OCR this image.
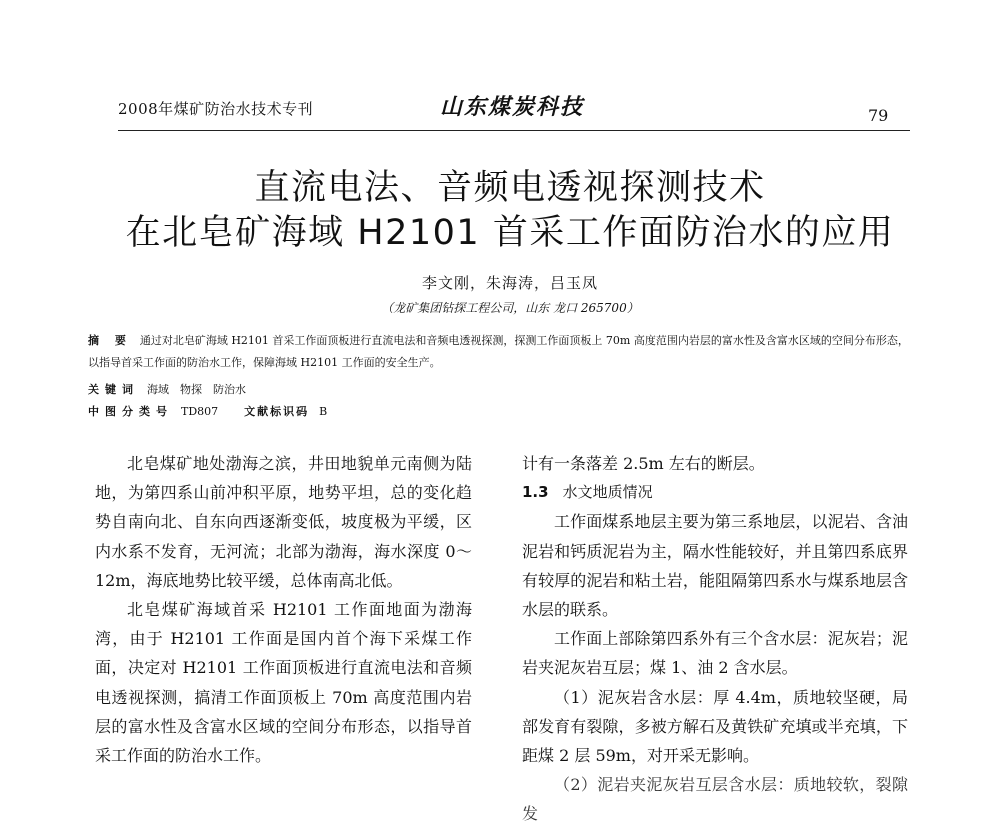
2008年煤矿防治水技术专刊	山东煤炭科技	79
直流电法、音频电透视探测技术
在北皂矿海域 H2101 首采工作面防治水的应用
李文刚，朱海涛，吕玉凤
（龙矿集团钻探工程公司，山东 龙口 265700）
摘 要 通过对北皂矿海域 H2101 首采工作面顶板进行直流电法和音频电透视探测，探测工作面顶板上 70m 高度范围内岩层的富水性及含富水区域的空间分布形态，以指导首采工作面的防治水工作，保障海域 H2101 工作面的安全生产。
关键词 海域　物探　防治水
中图分类号 TD807 文献标识码 B

北皂煤矿地处渤海之滨，井田地貌单元南侧为陆地，为第四系山前冲积平原，地势平坦，总的变化趋势自南向北、自东向西逐渐变低，坡度极为平缓，区内水系不发育，无河流；北部为渤海，海水深度 0～12m，海底地势比较平缓，总体南高北低。

北皂煤矿海域首采 H2101 工作面地面为渤海湾，由于 H2101 工作面是国内首个海下采煤工作面，决定对 H2101 工作面顶板进行直流电法和音频电透视探测，搞清工作面顶板上 70m 高度范围内岩层的富水性及含富水区域的空间分布形态，以指导首采工作面的防治水工作。

计有一条落差 2.5m 左右的断层。

1.3 水文地质情况

工作面煤系地层主要为第三系地层，以泥岩、含油泥岩和钙质泥岩为主，隔水性能较好，并且第四系底界有较厚的泥岩和粘土岩，能阻隔第四系水与煤系地层含水层的联系。

工作面上部除第四系外有三个含水层：泥灰岩；泥岩夹泥灰岩互层；煤 1、油 2 含水层。

（1）泥灰岩含水层：厚 4.4m，质地较坚硬，局部发育有裂隙，多被方解石及黄铁矿充填或半充填，下距煤 2 层 59m，对开采无影响。

（2）泥岩夹泥灰岩互层含水层：质地较软，裂隙发
